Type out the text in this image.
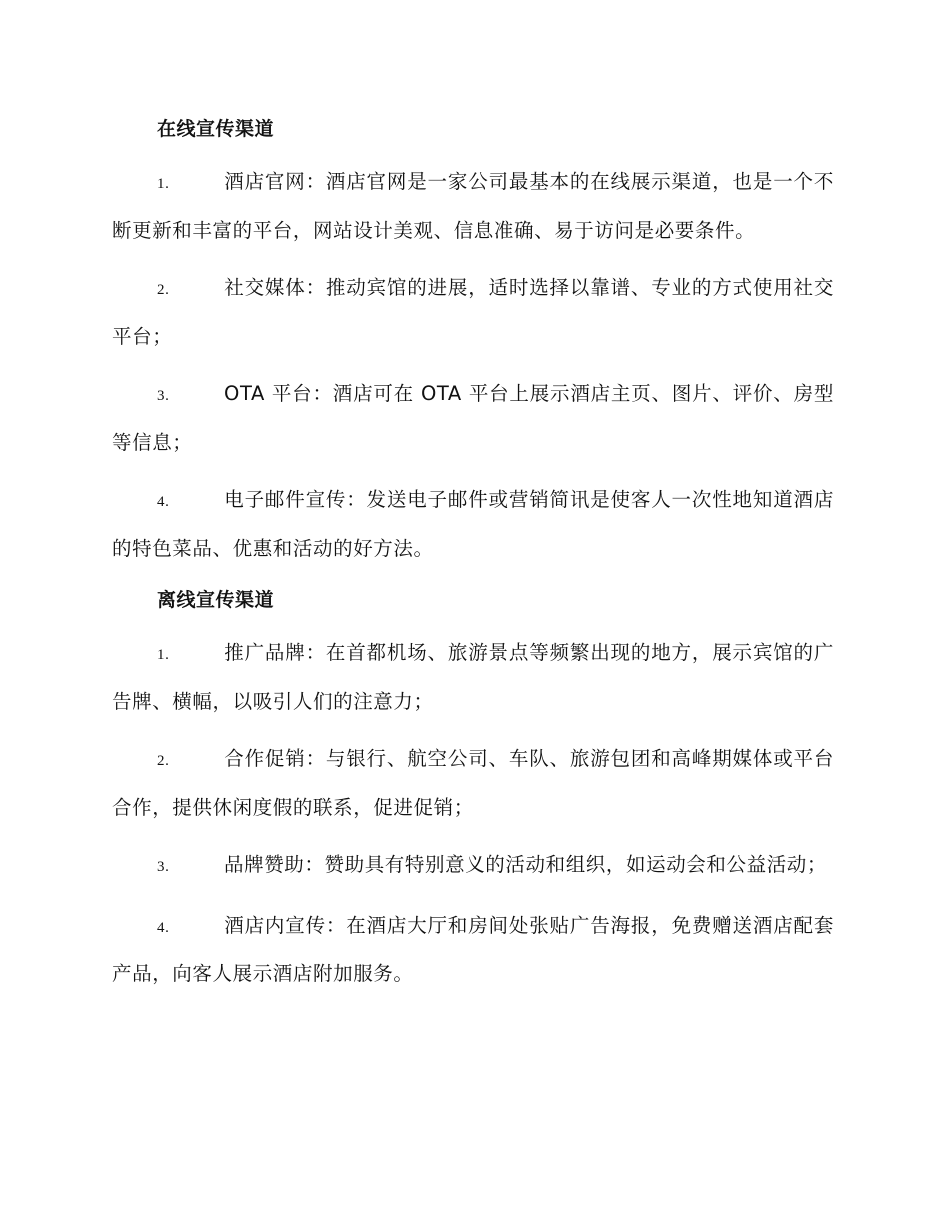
在线宣传渠道
1.	酒店官网：酒店官网是一家公司最基本的在线展示渠道，也是一个不断更新和丰富的平台，网站设计美观、信息准确、易于访问是必要条件。
2.	社交媒体：推动宾馆的进展，适时选择以靠谱、专业的方式使用社交平台；
3.	OTA 平台：酒店可在 OTA 平台上展示酒店主页、图片、评价、房型等信息；
4.	电子邮件宣传：发送电子邮件或营销简讯是使客人一次性地知道酒店的特色菜品、优惠和活动的好方法。
离线宣传渠道
1.	推广品牌：在首都机场、旅游景点等频繁出现的地方，展示宾馆的广告牌、横幅，以吸引人们的注意力；
2.	合作促销：与银行、航空公司、车队、旅游包团和高峰期媒体或平台合作，提供休闲度假的联系，促进促销；
3.	品牌赞助：赞助具有特别意义的活动和组织，如运动会和公益活动；
4.	酒店内宣传：在酒店大厅和房间处张贴广告海报，免费赠送酒店配套产品，向客人展示酒店附加服务。
